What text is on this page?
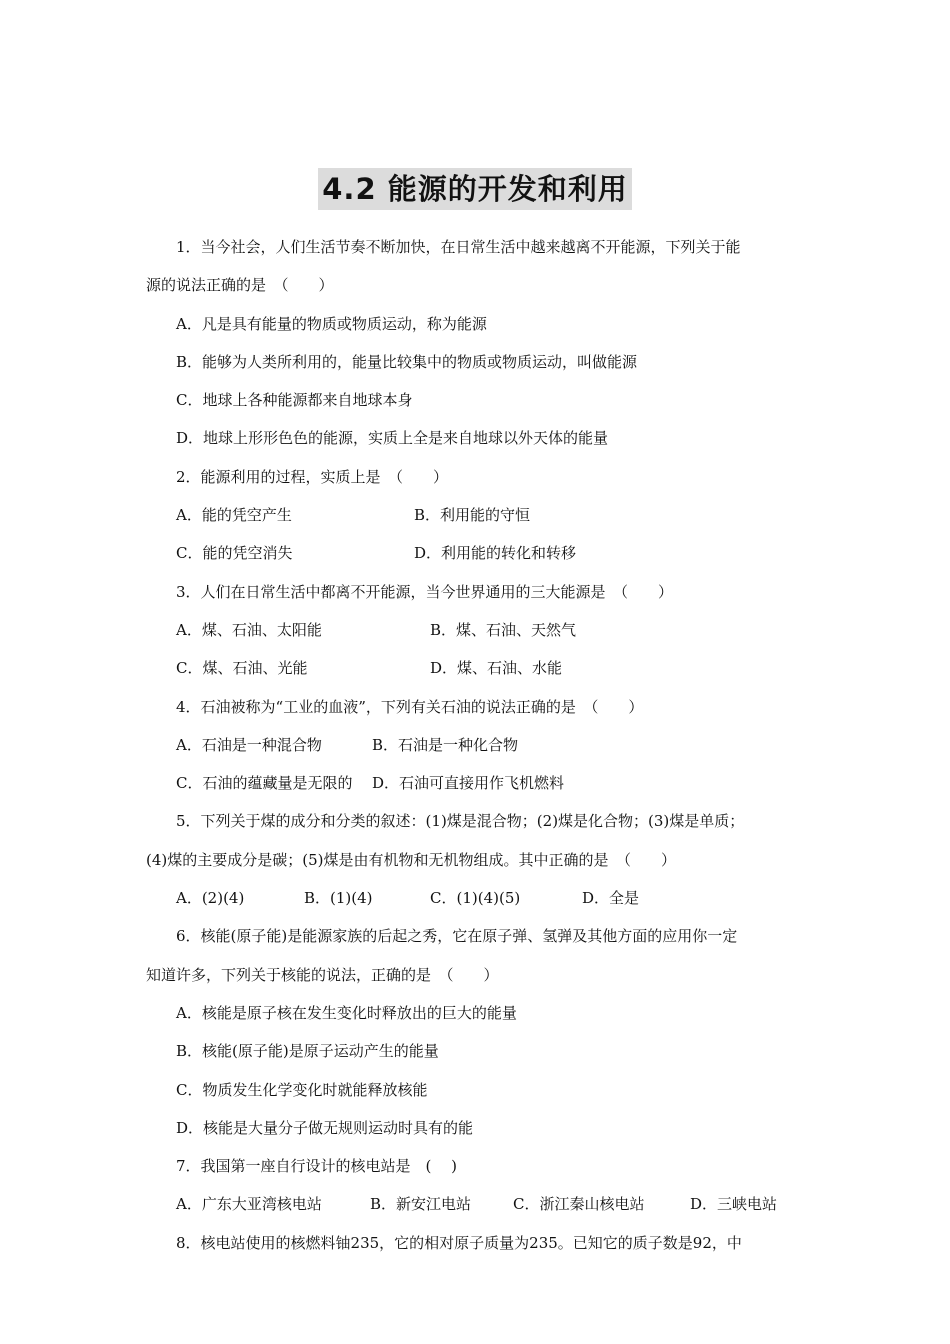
4.2 能源的开发和利用
1．当今社会，人们生活节奏不断加快，在日常生活中越来越离不开能源，下列关于能
源的说法正确的是　（　　）
A．凡是具有能量的物质或物质运动，称为能源
B．能够为人类所利用的，能量比较集中的物质或物质运动，叫做能源
C．地球上各种能源都来自地球本身
D．地球上形形色色的能源，实质上全是来自地球以外天体的能量
2．能源利用的过程，实质上是　（　　）
A．能的凭空产生	B．利用能的守恒
C．能的凭空消失	D．利用能的转化和转移
3．人们在日常生活中都离不开能源，当今世界通用的三大能源是　（　　）
A．煤、石油、太阳能	B．煤、石油、天然气
C．煤、石油、光能	D．煤、石油、水能
4．石油被称为“工业的血液”，下列有关石油的说法正确的是　（　　）
A．石油是一种混合物	B．石油是一种化合物
C．石油的蕴藏量是无限的 D．石油可直接用作飞机燃料
5．下列关于煤的成分和分类的叙述：(1)煤是混合物；(2)煤是化合物；(3)煤是单质；
(4)煤的主要成分是碳；(5)煤是由有机物和无机物组成。其中正确的是　（　　）
A．(2)(4)	B．(1)(4)	C．(1)(4)(5)	D．全是
6．核能(原子能)是能源家族的后起之秀，它在原子弹、氢弹及其他方面的应用你一定
知道许多，下列关于核能的说法，正确的是　（　　）
A．核能是原子核在发生变化时释放出的巨大的能量
B．核能(原子能)是原子运动产生的能量
C．物质发生化学变化时就能释放核能
D．核能是大量分子做无规则运动时具有的能
7．我国第一座自行设计的核电站是　( 　)
A．广东大亚湾核电站	B．新安江电站	C．浙江秦山核电站	D．三峡电站
8．核电站使用的核燃料铀235，它的相对原子质量为235。已知它的质子数是92，中
